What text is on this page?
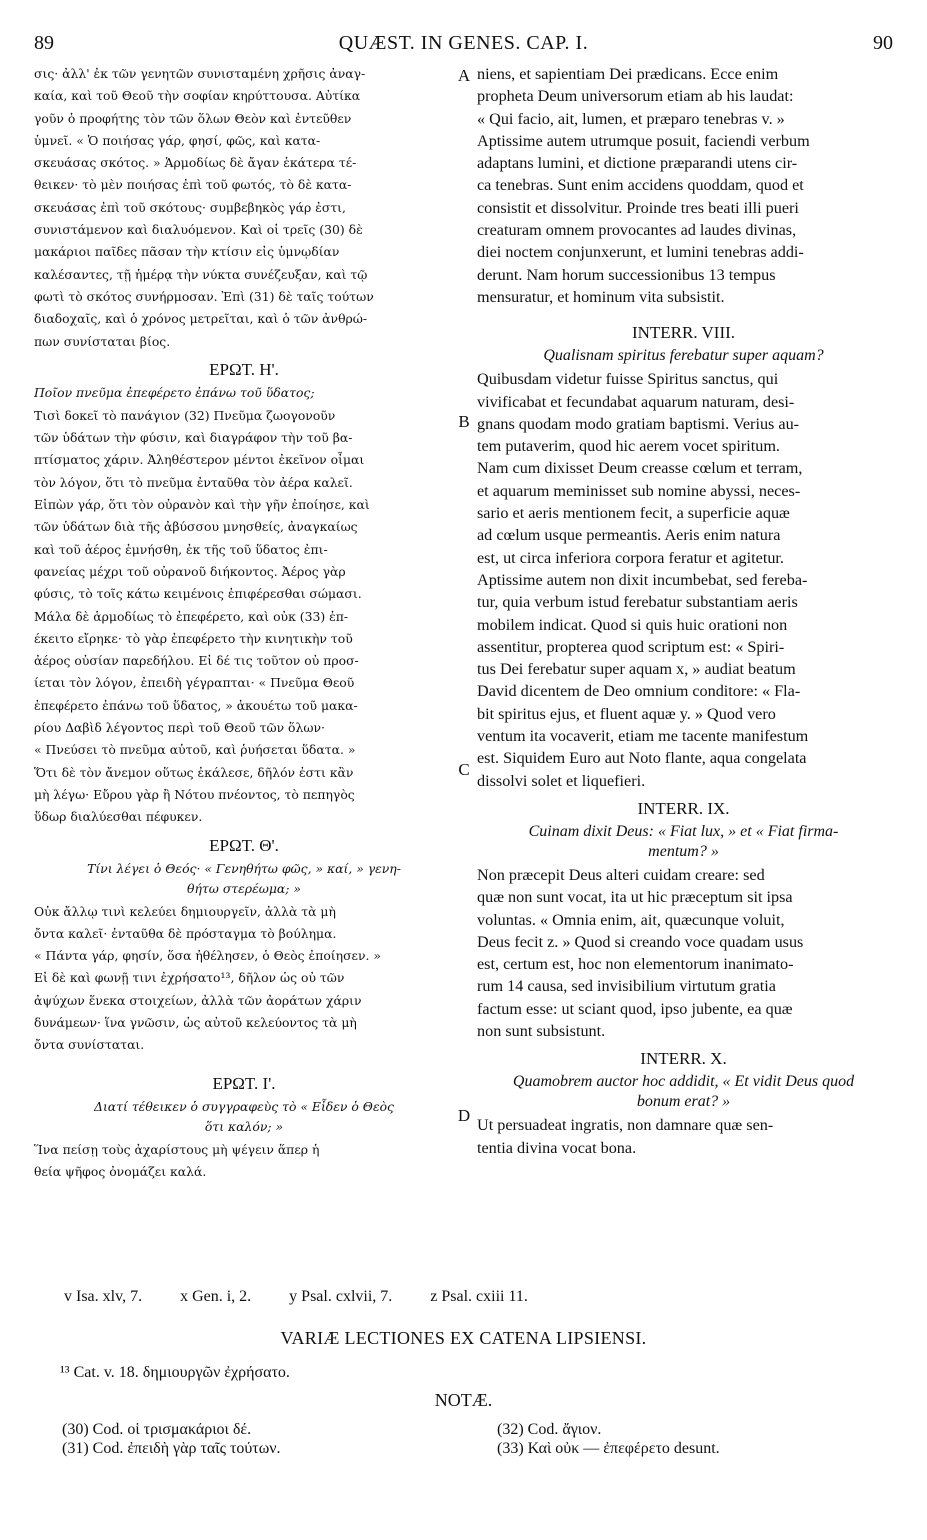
89	QUÆST. IN GENES. CAP. I.	90

σις· ἀλλ' ἐκ τῶν γενητῶν συνισταμένη χρῆσις ἀναγ-
καία, καὶ τοῦ Θεοῦ τὴν σοφίαν κηρύττουσα. Αὐτίκα
γοῦν ὁ προφήτης τὸν τῶν ὅλων Θεὸν καὶ ἐντεῦθεν
ὑμνεῖ. « Ὁ ποιήσας γάρ, φησί, φῶς, καὶ κατα-
σκευάσας σκότος. » Ἁρμοδίως δὲ ἄγαν ἑκάτερα τέ-
θεικεν· τὸ μὲν ποιήσας ἐπὶ τοῦ φωτός, τὸ δὲ κατα-
σκευάσας ἐπὶ τοῦ σκότους· συμβεβηκὸς γάρ ἐστι,
συνιστάμενον καὶ διαλυόμενον. Καὶ οἱ τρεῖς (30) δὲ
μακάριοι παῖδες πᾶσαν τὴν κτίσιν εἰς ὑμνῳδίαν
καλέσαντες, τῇ ἡμέρᾳ τὴν νύκτα συνέζευξαν, καὶ τῷ
φωτὶ τὸ σκότος συνήρμοσαν. Ἐπὶ (31) δὲ ταῖς τούτων
διαδοχαῖς, καὶ ὁ χρόνος μετρεῖται, καὶ ὁ τῶν ἀνθρώ-
πων συνίσταται βίος.

ΕΡΩΤ. Η'.

Ποῖον πνεῦμα ἐπεφέρετο ἐπάνω τοῦ ὕδατος;

Τισὶ δοκεῖ τὸ πανάγιον (32) Πνεῦμα ζωογονοῦν
τῶν ὑδάτων τὴν φύσιν, καὶ διαγράφον τὴν τοῦ βα-
πτίσματος χάριν. Ἀληθέστερον μέντοι ἐκεῖνον οἶμαι
τὸν λόγον, ὅτι τὸ πνεῦμα ἐνταῦθα τὸν ἀέρα καλεῖ.
Εἰπὼν γάρ, ὅτι τὸν οὐρανὸν καὶ τὴν γῆν ἐποίησε, καὶ
τῶν ὑδάτων διὰ τῆς ἀβύσσου μνησθείς, ἀναγκαίως
καὶ τοῦ ἀέρος ἐμνήσθη, ἐκ τῆς τοῦ ὕδατος ἐπι-
φανείας μέχρι τοῦ οὐρανοῦ διήκοντος. Ἀέρος γὰρ
φύσις, τὸ τοῖς κάτω κειμένοις ἐπιφέρεσθαι σώμασι.
Μάλα δὲ ἁρμοδίως τὸ ἐπεφέρετο, καὶ οὐκ (33) ἐπ-
έκειτο εἴρηκε· τὸ γὰρ ἐπεφέρετο τὴν κινητικὴν τοῦ
ἀέρος οὐσίαν παρεδήλου. Εἰ δέ τις τοῦτον οὐ προσ-
ίεται τὸν λόγον, ἐπειδὴ γέγραπται· « Πνεῦμα Θεοῦ
ἐπεφέρετο ἐπάνω τοῦ ὕδατος, » ἀκουέτω τοῦ μακα-
ρίου Δαβὶδ λέγοντος περὶ τοῦ Θεοῦ τῶν ὅλων·
« Πνεύσει τὸ πνεῦμα αὐτοῦ, καὶ ῥυήσεται ὕδατα. »
Ὅτι δὲ τὸν ἄνεμον οὕτως ἐκάλεσε, δῆλόν ἐστι κἂν
μὴ λέγω· Εὔρου γὰρ ἢ Νότου πνέοντος, τὸ πεπηγὸς
ὕδωρ διαλύεσθαι πέφυκεν.

ΕΡΩΤ. Θ'.

Τίνι λέγει ὁ Θεός· « Γενηθήτω φῶς, » καί, » γενη-
θήτω στερέωμα; »

Οὐκ ἄλλῳ τινὶ κελεύει δημιουργεῖν, ἀλλὰ τὰ μὴ
ὄντα καλεῖ· ἐνταῦθα δὲ πρόσταγμα τὸ βούλημα.
« Πάντα γάρ, φησίν, ὅσα ἠθέλησεν, ὁ Θεὸς ἐποίησεν. »
Εἰ δὲ καὶ φωνῇ τινι ἐχρήσατο¹³, δῆλον ὡς οὐ τῶν
ἀψύχων ἕνεκα στοιχείων, ἀλλὰ τῶν ἀοράτων χάριν
δυνάμεων· ἵνα γνῶσιν, ὡς αὐτοῦ κελεύοντος τὰ μὴ
ὄντα συνίσταται.

ΕΡΩΤ. Ι'.

Διατί τέθεικεν ὁ συγγραφεὺς τὸ « Εἶδεν ὁ Θεὸς
ὅτι καλόν; »

Ἵνα πείσῃ τοὺς ἀχαρίστους μὴ ψέγειν ἅπερ ἡ
θεία ψῆφος ὀνομάζει καλά.

niens, et sapientiam Dei prædicans. Ecce enim
propheta Deum universorum etiam ab his laudat:
« Qui facio, ait, lumen, et præparo tenebras v. »
Aptissime autem utrumque posuit, faciendi verbum
adaptans lumini, et dictione præparandi utens cir-
ca tenebras. Sunt enim accidens quoddam, quod et
consistit et dissolvitur. Proinde tres beati illi pueri
creaturam omnem provocantes ad laudes divinas,
diei noctem conjunxerunt, et lumini tenebras addi-
derunt. Nam horum successionibus 13 tempus
mensuratur, et hominum vita subsistit.

INTERR. VIII.

Qualisnam spiritus ferebatur super aquam?

Quibusdam videtur fuisse Spiritus sanctus, qui
vivificabat et fecundabat aquarum naturam, desi-
gnans quodam modo gratiam baptismi. Verius au-
tem putaverim, quod hic aerem vocet spiritum.
Nam cum dixisset Deum creasse cœlum et terram,
et aquarum meminisset sub nomine abyssi, neces-
sario et aeris mentionem fecit, a superficie aquæ
ad cœlum usque permeantis. Aeris enim natura
est, ut circa inferiora corpora feratur et agitetur.
Aptissime autem non dixit incumbebat, sed fereba-
tur, quia verbum istud ferebatur substantiam aeris
mobilem indicat. Quod si quis huic orationi non
assentitur, propterea quod scriptum est: « Spiri-
tus Dei ferebatur super aquam x, » audiat beatum
David dicentem de Deo omnium conditore: « Fla-
bit spiritus ejus, et fluent aquæ y. » Quod vero
ventum ita vocaverit, etiam me tacente manifestum
est. Siquidem Euro aut Noto flante, aqua congelata
dissolvi solet et liquefieri.

INTERR. IX.

Cuinam dixit Deus: « Fiat lux, » et « Fiat firma-
mentum? »

Non præcepit Deus alteri cuidam creare: sed
quæ non sunt vocat, ita ut hic præceptum sit ipsa
voluntas. « Omnia enim, ait, quæcunque voluit,
Deus fecit z. » Quod si creando voce quadam usus
est, certum est, hoc non elementorum inanimato-
rum 14 causa, sed invisibilium virtutum gratia
factum esse: ut sciant quod, ipso jubente, ea quæ
non sunt subsistunt.

INTERR. X.

Quamobrem auctor hoc addidit, « Et vidit Deus quod
bonum erat? »

Ut persuadeat ingratis, non damnare quæ sen-
tentia divina vocat bona.

A
B
C
D
v Isa. xlv, 7. x Gen. i, 2. y Psal. cxlvii, 7. z Psal. cxiii 11.
VARIÆ LECTIONES EX CATENA LIPSIENSI.
¹³ Cat. v. 18. δημιουργῶν ἐχρήσατο.
NOTÆ.
(30) Cod. οἱ τρισμακάριοι δέ.
(31) Cod. ἐπειδὴ γὰρ ταῖς τούτων.
(32) Cod. ἄγιον.
(33) Καὶ οὐκ — ἐπεφέρετο desunt.
